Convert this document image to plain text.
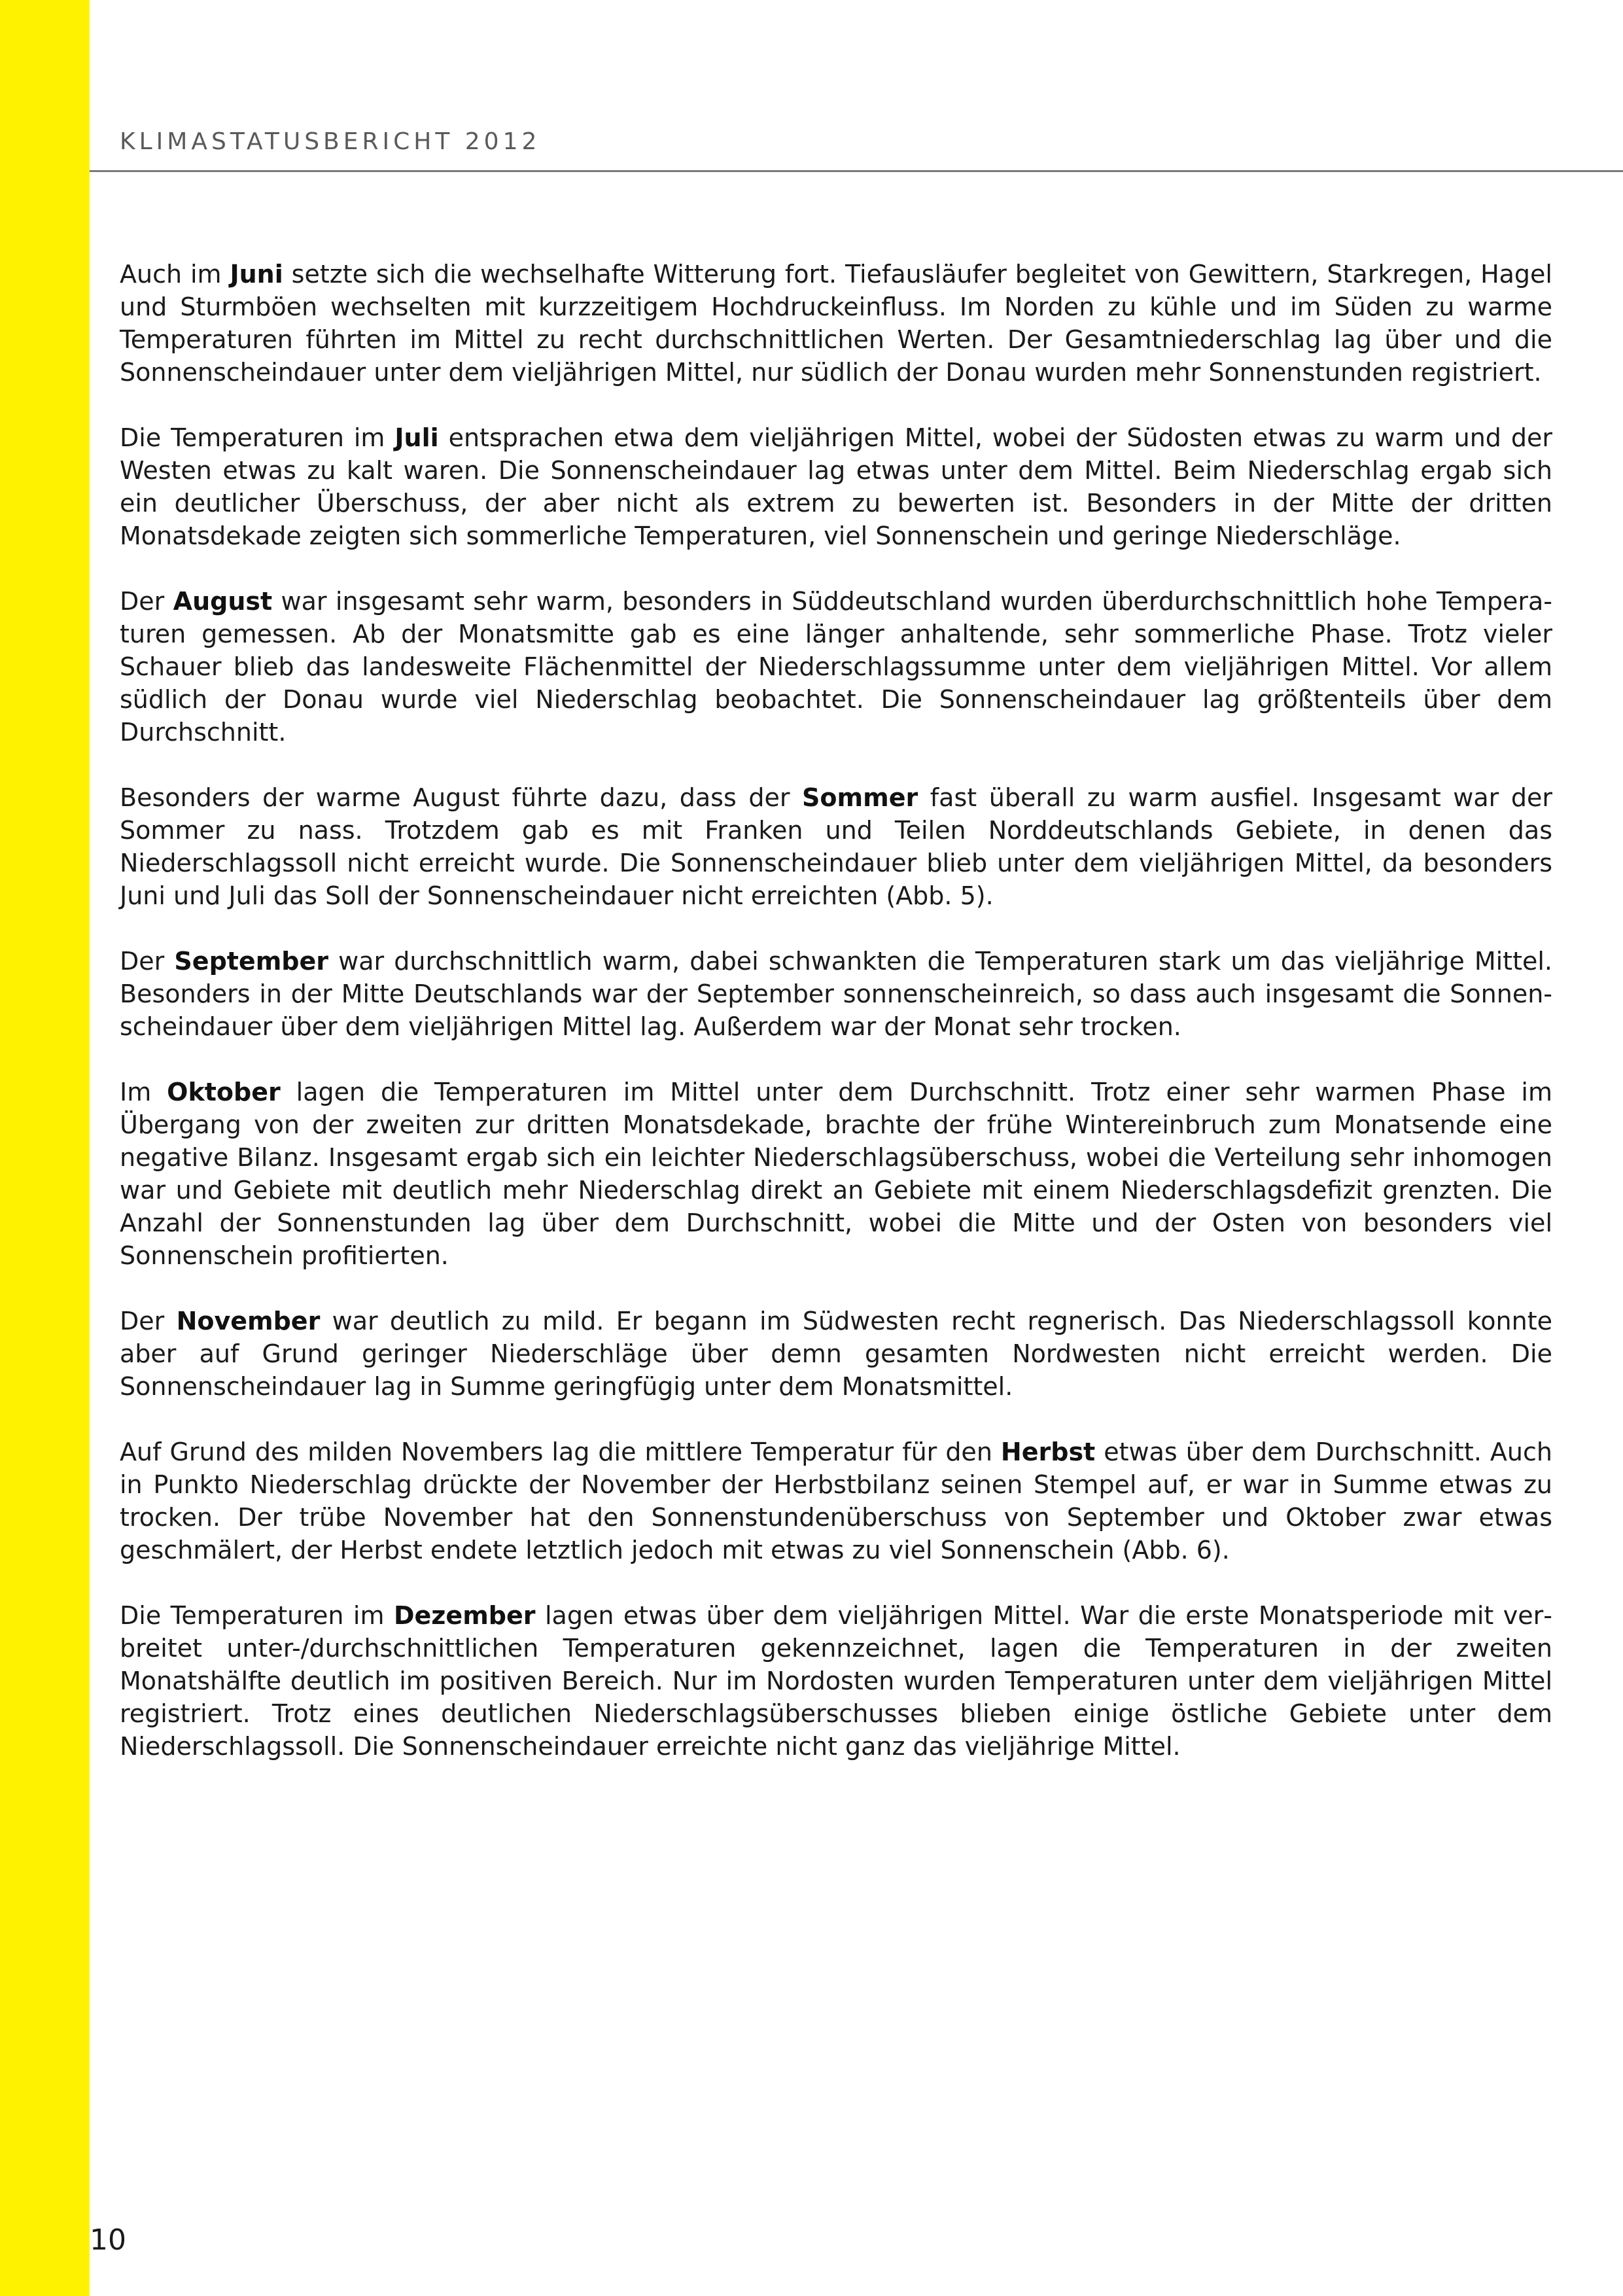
KLIMASTATUSBERICHT 2012

Auch im Juni setzte sich die wechselhafte Witterung fort. Tiefausläufer begleitet von Gewittern, Starkregen, Hagel und Sturmböen wechselten mit kurzzeitigem Hochdruckeinfluss. Im Norden zu kühle und im Süden zu warme Temperaturen führten im Mittel zu recht durchschnittlichen Werten. Der Gesamtniederschlag lag über und die Sonnenscheindauer unter dem vieljährigen Mittel, nur südlich der Donau wurden mehr Sonnenstunden registriert.

Die Temperaturen im Juli entsprachen etwa dem vieljährigen Mittel, wobei der Südosten etwas zu warm und der Westen etwas zu kalt waren. Die Sonnenscheindauer lag etwas unter dem Mittel. Beim Niederschlag ergab sich ein deutlicher Überschuss, der aber nicht als extrem zu bewerten ist. Besonders in der Mitte der dritten Monatsdekade zeigten sich sommerliche Temperaturen, viel Sonnenschein und geringe Niederschläge.

Der August war insgesamt sehr warm, besonders in Süddeutschland wurden überdurchschnittlich hohe Temperaturen gemessen. Ab der Monatsmitte gab es eine länger anhaltende, sehr sommerliche Phase. Trotz vieler Schauer blieb das landesweite Flächenmittel der Niederschlagssumme unter dem vieljährigen Mittel. Vor allem südlich der Donau wurde viel Niederschlag beobachtet. Die Sonnenscheindauer lag größtenteils über dem Durchschnitt.

Besonders der warme August führte dazu, dass der Sommer fast überall zu warm ausfiel. Insgesamt war der Sommer zu nass. Trotzdem gab es mit Franken und Teilen Norddeutschlands Gebiete, in denen das Niederschlagssoll nicht erreicht wurde. Die Sonnenscheindauer blieb unter dem vieljährigen Mittel, da besonders Juni und Juli das Soll der Sonnenscheindauer nicht erreichten (Abb. 5).

Der September war durchschnittlich warm, dabei schwankten die Temperaturen stark um das vieljährige Mittel. Besonders in der Mitte Deutschlands war der September sonnenscheinreich, so dass auch insgesamt die Sonnenscheindauer über dem vieljährigen Mittel lag. Außerdem war der Monat sehr trocken.

Im Oktober lagen die Temperaturen im Mittel unter dem Durchschnitt. Trotz einer sehr warmen Phase im Übergang von der zweiten zur dritten Monatsdekade, brachte der frühe Wintereinbruch zum Monatsende eine negative Bilanz. Insgesamt ergab sich ein leichter Niederschlagsüberschuss, wobei die Verteilung sehr inhomogen war und Gebiete mit deutlich mehr Niederschlag direkt an Gebiete mit einem Niederschlagsdefizit grenzten. Die Anzahl der Sonnenstunden lag über dem Durchschnitt, wobei die Mitte und der Osten von besonders viel Sonnenschein profitierten.

Der November war deutlich zu mild. Er begann im Südwesten recht regnerisch. Das Niederschlagssoll konnte aber auf Grund geringer Niederschläge über demn gesamten Nordwesten nicht erreicht werden. Die Sonnenscheindauer lag in Summe geringfügig unter dem Monatsmittel.

Auf Grund des milden Novembers lag die mittlere Temperatur für den Herbst etwas über dem Durchschnitt. Auch in Punkto Niederschlag drückte der November der Herbstbilanz seinen Stempel auf, er war in Summe etwas zu trocken. Der trübe November hat den Sonnenstundenüberschuss von September und Oktober zwar etwas geschmälert, der Herbst endete letztlich jedoch mit etwas zu viel Sonnenschein (Abb. 6).

Die Temperaturen im Dezember lagen etwas über dem vieljährigen Mittel. War die erste Monatsperiode mit verbreitet unter-/durchschnittlichen Temperaturen gekennzeichnet, lagen die Temperaturen in der zweiten Monatshälfte deutlich im positiven Bereich. Nur im Nordosten wurden Temperaturen unter dem vieljährigen Mittel registriert. Trotz eines deutlichen Niederschlagsüberschusses blieben einige östliche Gebiete unter dem Niederschlagssoll. Die Sonnenscheindauer erreichte nicht ganz das vieljährige Mittel.

10
